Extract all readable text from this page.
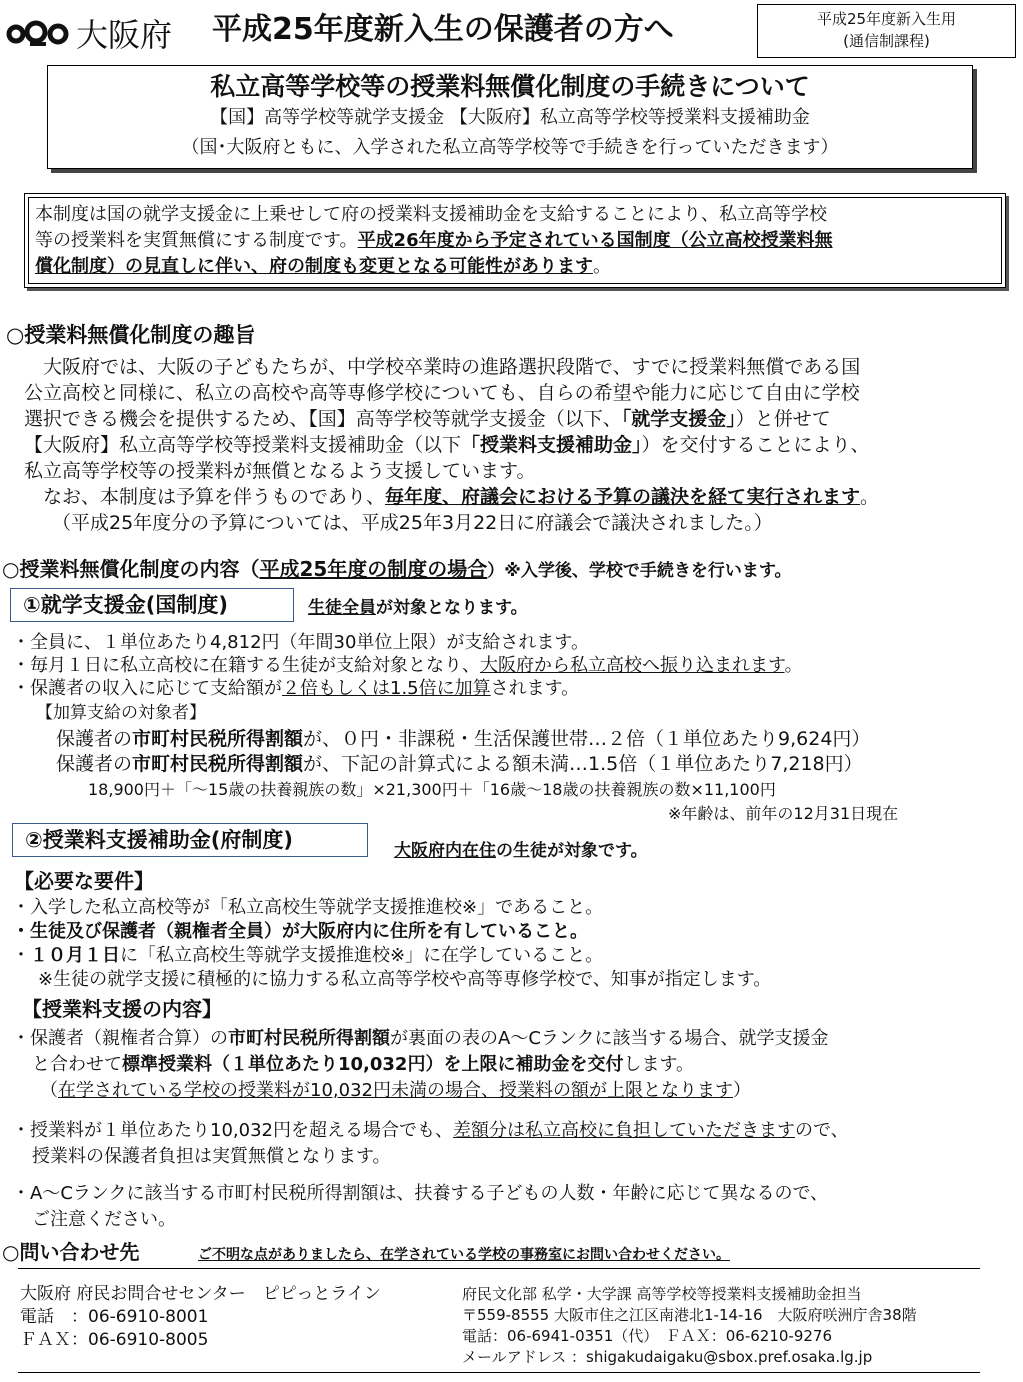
大阪府 平成25年度新入生の保護者の方へ	平成25年度新入生用
(通信制課程)
私立高等学校等の授業料無償化制度の手続きについて
【国】高等学校等就学支援金 【大阪府】私立高等学校等授業料支援補助金
（国･大阪府ともに、入学された私立高等学校等で手続きを行っていただきます）
本制度は国の就学支援金に上乗せして府の授業料支援補助金を支給することにより、私立高等学校
等の授業料を実質無償にする制度です。平成26年度から予定されている国制度（公立高校授業料無
償化制度）の見直しに伴い、府の制度も変更となる可能性があります。
○授業料無償化制度の趣旨
　大阪府では、大阪の子どもたちが、中学校卒業時の進路選択段階で、すでに授業料無償である国
公立高校と同様に、私立の高校や高等専修学校についても、自らの希望や能力に応じて自由に学校
選択できる機会を提供するため、【国】高等学校等就学支援金（以下、「就学支援金」）と併せて
【大阪府】私立高等学校等授業料支援補助金（以下「授業料支援補助金」）を交付することにより、
私立高等学校等の授業料が無償となるよう支援しています。
　なお、本制度は予算を伴うものであり、毎年度、府議会における予算の議決を経て実行されます。
（平成25年度分の予算については、平成25年3月22日に府議会で議決されました。）
○授業料無償化制度の内容（平成25年度の制度の場合）※入学後、学校で手続きを行います。
①就学支援金(国制度)	生徒全員が対象となります。
・全員に、１単位あたり4,812円（年間30単位上限）が支給されます。
・毎月１日に私立高校に在籍する生徒が支給対象となり、大阪府から私立高校へ振り込まれます。
・保護者の収入に応じて支給額が２倍もしくは1.5倍に加算されます。
【加算支給の対象者】
保護者の市町村民税所得割額が、０円・非課税・生活保護世帯…２倍（１単位あたり9,624円）
保護者の市町村民税所得割額が、下記の計算式による額未満…1.5倍（１単位あたり7,218円）
18,900円＋「～15歳の扶養親族の数」×21,300円＋「16歳～18歳の扶養親族の数×11,100円
※年齢は、前年の12月31日現在
②授業料支援補助金(府制度)	大阪府内在住の生徒が対象です。
【必要な要件】
・入学した私立高校等が「私立高校生等就学支援推進校※」であること。
・生徒及び保護者（親権者全員）が大阪府内に住所を有していること。
・１０月１日に「私立高校生等就学支援推進校※」に在学していること。
※生徒の就学支援に積極的に協力する私立高等学校や高等専修学校で、知事が指定します。
【授業料支援の内容】
・保護者（親権者合算）の市町村民税所得割額が裏面の表のA～Cランクに該当する場合、就学支援金
と合わせて標準授業料（１単位あたり10,032円）を上限に補助金を交付します。
（在学されている学校の授業料が10,032円未満の場合、授業料の額が上限となります）
・授業料が１単位あたり10,032円を超える場合でも、差額分は私立高校に負担していただきますので、
授業料の保護者負担は実質無償となります。
・A～Cランクに該当する市町村民税所得割額は、扶養する子どもの人数・年齢に応じて異なるので、
ご注意ください。
○問い合わせ先	ご不明な点がありましたら、在学されている学校の事務室にお問い合わせください。
大阪府 府民お問合せセンター　ピピっとライン
電話　：06-6910-8001
ＦＡＸ：06-6910-8005
府民文化部 私学・大学課 高等学校等授業料支援補助金担当
〒559-8555 大阪市住之江区南港北1-14-16　大阪府咲洲庁舎38階
電話：06-6941-0351（代）　ＦＡＸ：06-6210-9276
メールアドレス ：shigakudaigaku@sbox.pref.osaka.lg.jp
